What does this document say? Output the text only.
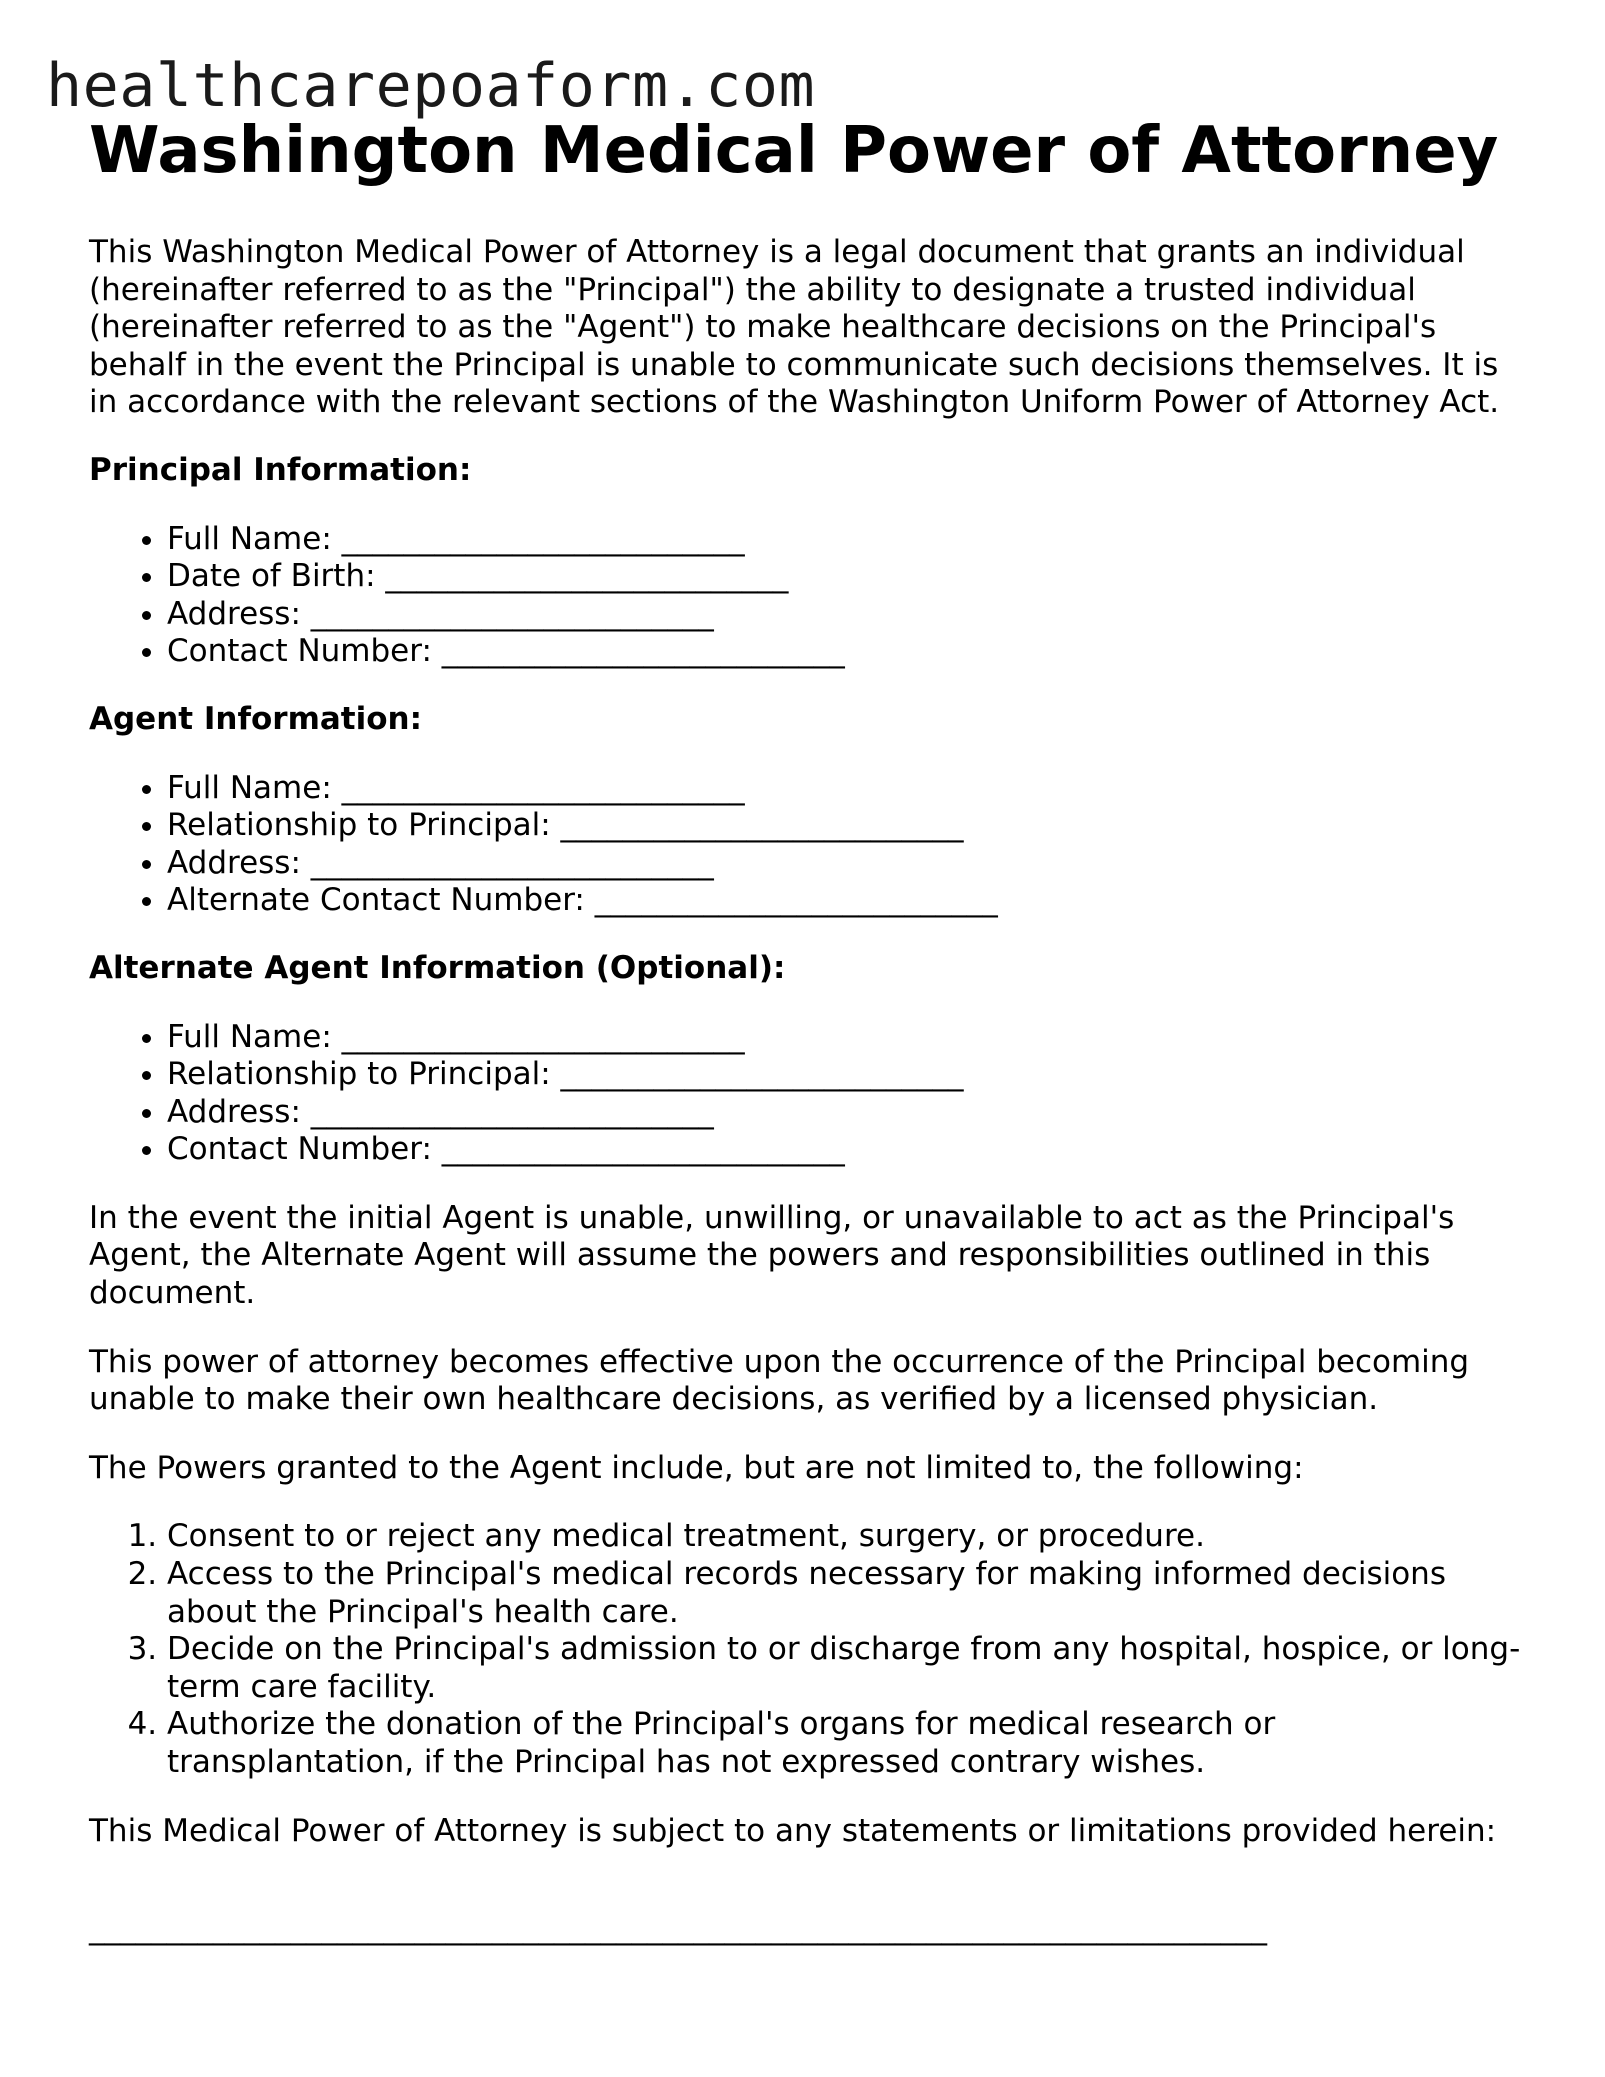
healthcarepoaform.com
Washington Medical Power of Attorney

This Washington Medical Power of Attorney is a legal document that grants an individual (hereinafter referred to as the "Principal") the ability to designate a trusted individual (hereinafter referred to as the "Agent") to make healthcare decisions on the Principal's behalf in the event the Principal is unable to communicate such decisions themselves. It is in accordance with the relevant sections of the Washington Uniform Power of Attorney Act.

Principal Information:
• Full Name: __________________________
• Date of Birth: __________________________
• Address: __________________________
• Contact Number: __________________________
Agent Information:
• Full Name: __________________________
• Relationship to Principal: __________________________
• Address: __________________________
• Alternate Contact Number: __________________________
Alternate Agent Information (Optional):
• Full Name: __________________________
• Relationship to Principal: __________________________
• Address: __________________________
• Contact Number: __________________________

In the event the initial Agent is unable, unwilling, or unavailable to act as the Principal's Agent, the Alternate Agent will assume the powers and responsibilities outlined in this document.

This power of attorney becomes effective upon the occurrence of the Principal becoming unable to make their own healthcare decisions, as verified by a licensed physician.

The Powers granted to the Agent include, but are not limited to, the following:

1. Consent to or reject any medical treatment, surgery, or procedure.
2. Access to the Principal's medical records necessary for making informed decisions about the Principal's health care.
3. Decide on the Principal's admission to or discharge from any hospital, hospice, or long-term care facility.
4. Authorize the donation of the Principal's organs for medical research or transplantation, if the Principal has not expressed contrary wishes.

This Medical Power of Attorney is subject to any statements or limitations provided herein:

____________________________________________________________________________
